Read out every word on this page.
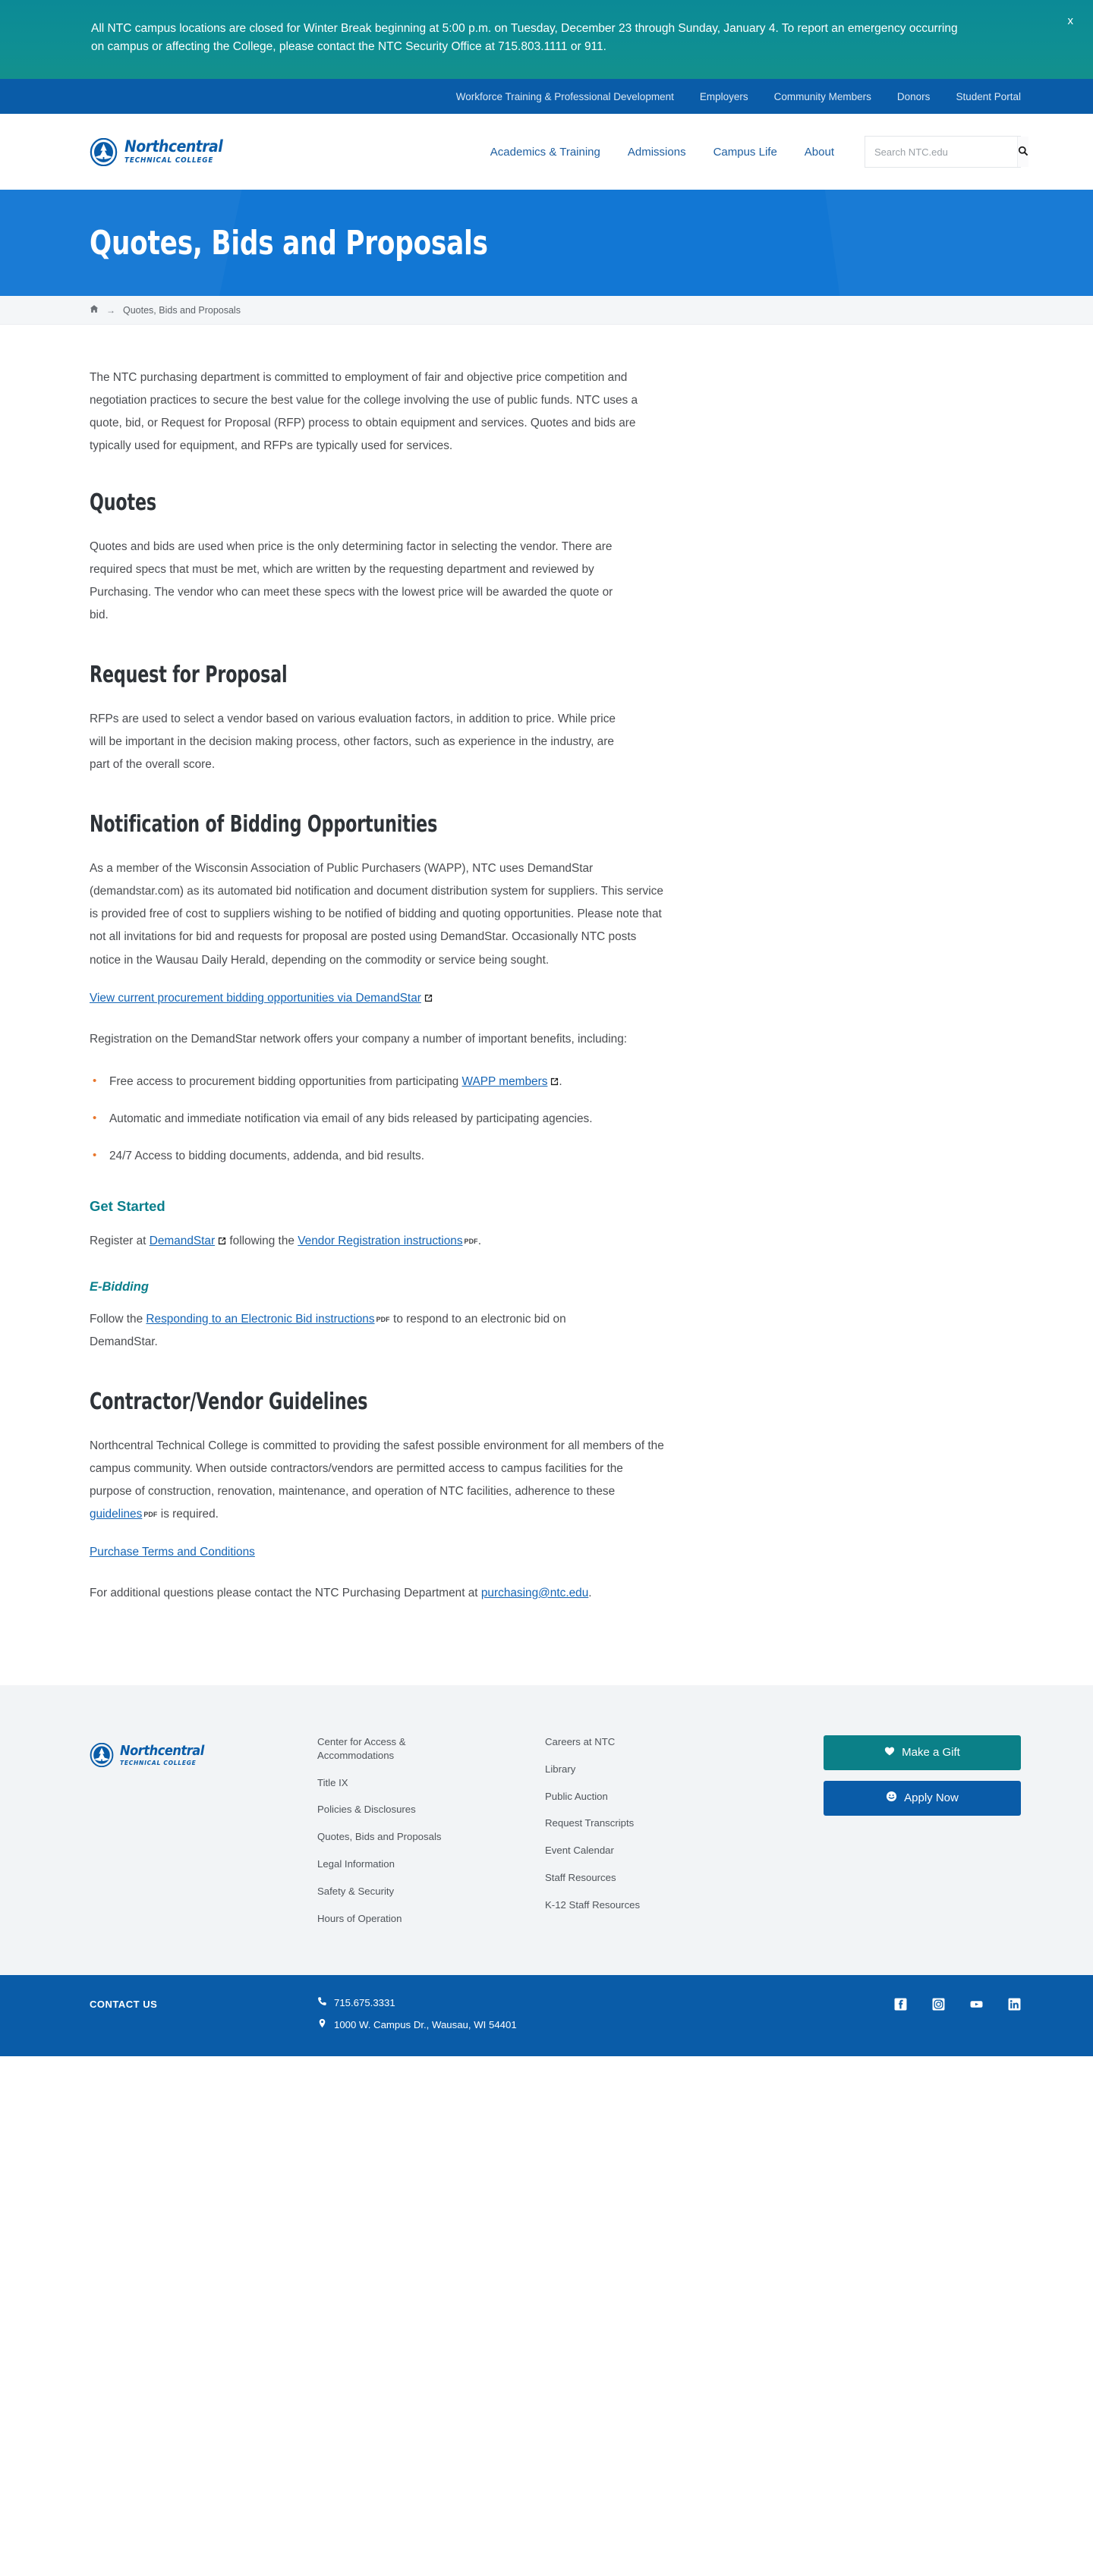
All NTC campus locations are closed for Winter Break beginning at 5:00 p.m. on Tuesday, December 23 through Sunday, January 4. To report an emergency occurring on campus or affecting the College, please contact the NTC Security Office at 715.803.1111 or 911.
x
Workforce Training & Professional Development	Employers	Community Members	Donors	Student Portal
Northcentral
TECHNICAL COLLEGE
Academics & Training Admissions Campus Life About
Search NTC.edu
Quotes, Bids and Proposals
→ Quotes, Bids and Proposals

The NTC purchasing department is committed to employment of fair and objective price competition and negotiation practices to secure the best value for the college involving the use of public funds. NTC uses a quote, bid, or Request for Proposal (RFP) process to obtain equipment and services. Quotes and bids are typically used for equipment, and RFPs are typically used for services.

Quotes

Quotes and bids are used when price is the only determining factor in selecting the vendor. There are required specs that must be met, which are written by the requesting department and reviewed by Purchasing. The vendor who can meet these specs with the lowest price will be awarded the quote or bid.

Request for Proposal

RFPs are used to select a vendor based on various evaluation factors, in addition to price. While price will be important in the decision making process, other factors, such as experience in the industry, are part of the overall score.

Notification of Bidding Opportunities

As a member of the Wisconsin Association of Public Purchasers (WAPP), NTC uses DemandStar (demandstar.com) as its automated bid notification and document distribution system for suppliers. This service is provided free of cost to suppliers wishing to be notified of bidding and quoting opportunities. Please note that not all invitations for bid and requests for proposal are posted using DemandStar. Occasionally NTC posts notice in the Wausau Daily Herald, depending on the commodity or service being sought.

View current procurement bidding opportunities via DemandStar

Registration on the DemandStar network offers your company a number of important benefits, including:

• Free access to procurement bidding opportunities from participating WAPP members .
• Automatic and immediate notification via email of any bids released by participating agencies.
• 24/7 Access to bidding documents, addenda, and bid results.
Get Started

Register at DemandStar following the Vendor Registration instructions PDF.

E-Bidding

Follow the Responding to an Electronic Bid instructions PDF to respond to an electronic bid on DemandStar.

Contractor/Vendor Guidelines

Northcentral Technical College is committed to providing the safest possible environment for all members of the campus community. When outside contractors/vendors are permitted access to campus facilities for the purpose of construction, renovation, maintenance, and operation of NTC facilities, adherence to these guidelines PDF is required.

Purchase Terms and Conditions

For additional questions please contact the NTC Purchasing Department at purchasing@ntc.edu.

Northcentral
TECHNICAL COLLEGE
Center for Access & Accommodations
Title IX
Policies & Disclosures
Quotes, Bids and Proposals
Legal Information
Safety & Security
Hours of Operation
Careers at NTC
Library
Public Auction
Request Transcripts
Event Calendar
Staff Resources
K-12 Staff Resources
Make a Gift
Apply Now
CONTACT US	715.675.3331
1000 W. Campus Dr., Wausau, WI 54401
